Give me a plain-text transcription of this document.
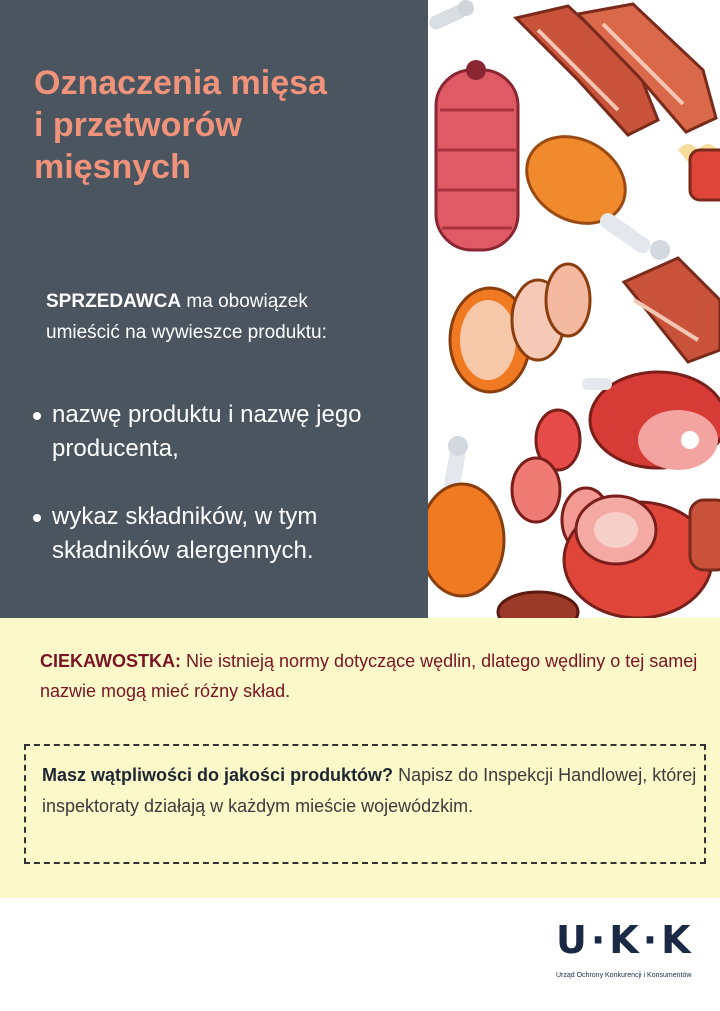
Oznaczenia mięsa
i przetworów
mięsnych

SPRZEDAWCA ma obowiązek
umieścić na wywieszce produktu:

nazwę produktu i nazwę jego producenta,
wykaz składników, w tym składników alergennych.

CIEKAWOSTKA: Nie istnieją normy dotyczące wędlin, dlatego wędliny o tej samej nazwie mogą mieć różny skład.

Masz wątpliwości do jakości produktów? Napisz do Inspekcji Handlowej, której inspektoraty działają w każdym mieście wojewódzkim.
U·K·K
Urząd Ochrony Konkurencji i Konsumentów
